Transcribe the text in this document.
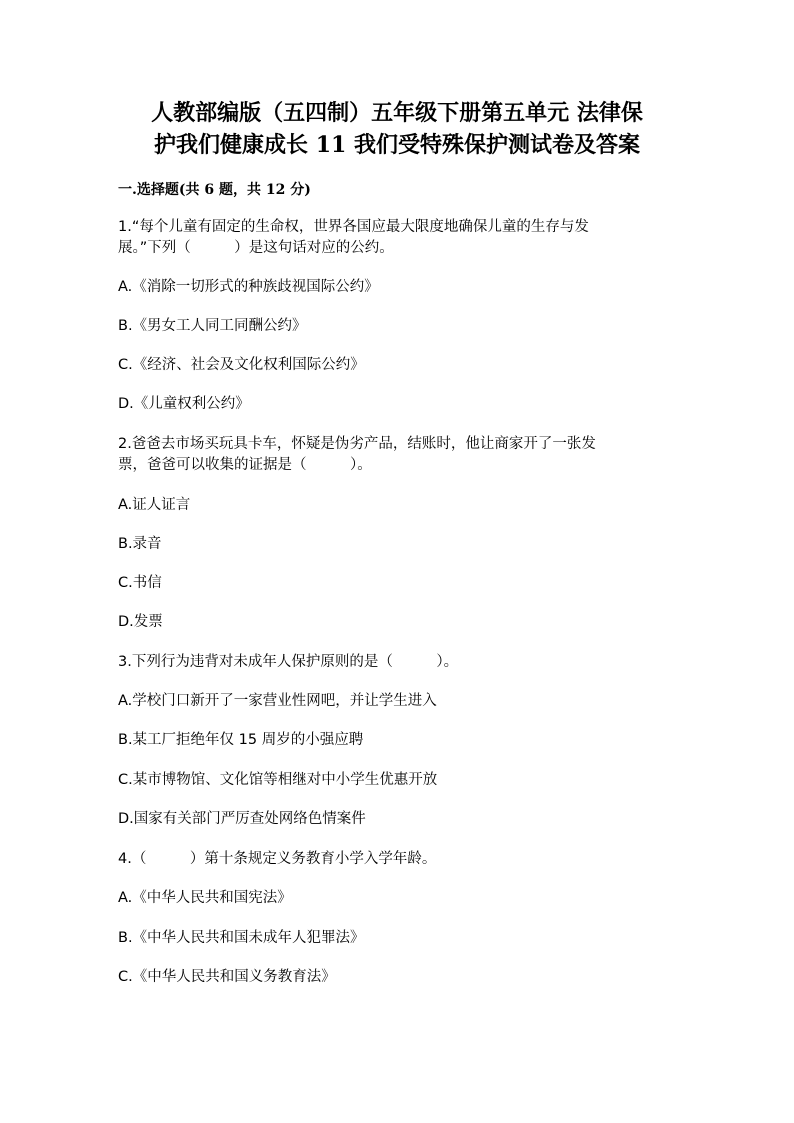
人教部编版（五四制）五年级下册第五单元 法律保
护我们健康成长 11 我们受特殊保护测试卷及答案
一.选择题(共 6 题，共 12 分)
1.“每个儿童有固定的生命权，世界各国应最大限度地确保儿童的生存与发
展。”下列（　　　）是这句话对应的公约。
A.《消除一切形式的种族歧视国际公约》
B.《男女工人同工同酬公约》
C.《经济、社会及文化权利国际公约》
D.《儿童权利公约》
2.爸爸去市场买玩具卡车，怀疑是伪劣产品，结账时，他让商家开了一张发
票，爸爸可以收集的证据是（　　　）。
A.证人证言
B.录音
C.书信
D.发票
3.下列行为违背对未成年人保护原则的是（　　　）。
A.学校门口新开了一家营业性网吧，并让学生进入
B.某工厂拒绝年仅 15 周岁的小强应聘
C.某市博物馆、文化馆等相继对中小学生优惠开放
D.国家有关部门严厉查处网络色情案件
4.（　　　）第十条规定义务教育小学入学年龄。
A.《中华人民共和国宪法》
B.《中华人民共和国未成年人犯罪法》
C.《中华人民共和国义务教育法》
